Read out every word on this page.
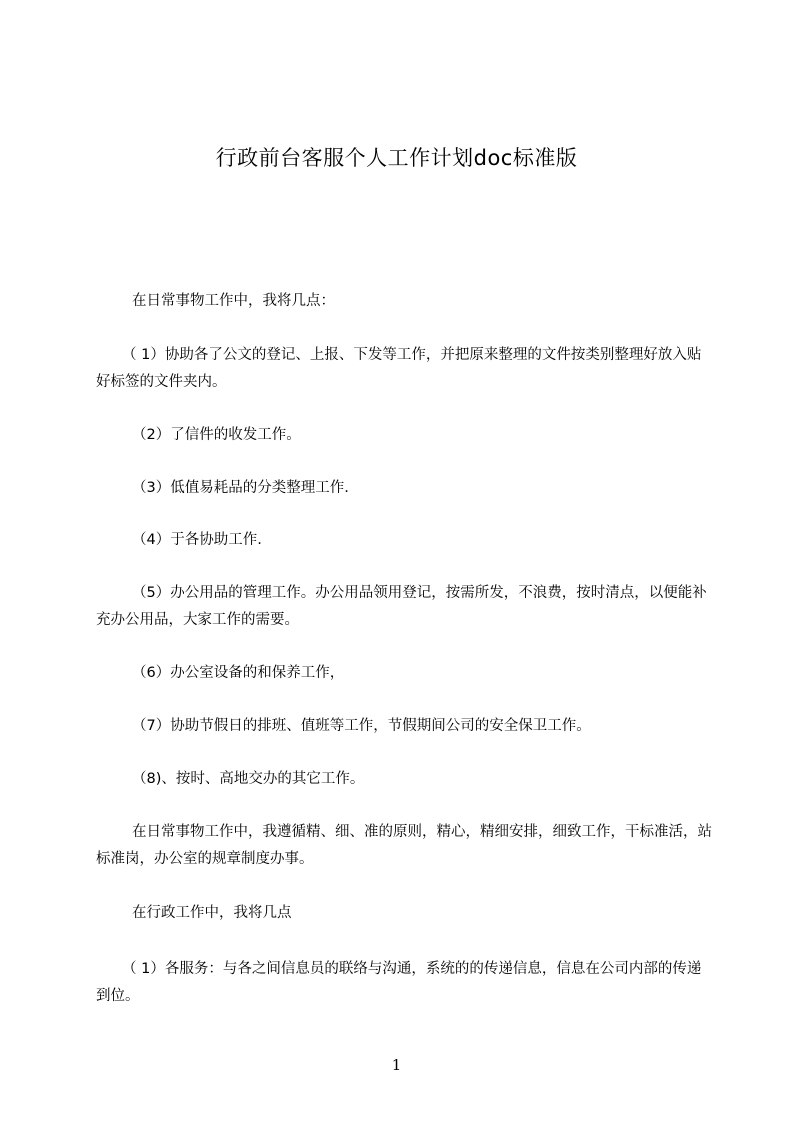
行政前台客服个人工作计划doc标准版

在日常事物工作中，我将几点：

（ 1）协助各了公文的登记、上报、下发等工作，并把原来整理的文件按类别整理好放入贴好标签的文件夹内。

（2）了信件的收发工作。

（3）低值易耗品的分类整理工作.

（4）于各协助工作.

（5）办公用品的管理工作。办公用品领用登记，按需所发，不浪费，按时清点，以便能补充办公用品，大家工作的需要。

（6）办公室设备的和保养工作，

（7）协助节假日的排班、值班等工作，节假期间公司的安全保卫工作。

（8)、按时、高地交办的其它工作。

在日常事物工作中，我遵循精、细、准的原则，精心，精细安排，细致工作，干标准活，站标准岗，办公室的规章制度办事。

在行政工作中，我将几点

（ 1）各服务：与各之间信息员的联络与沟通，系统的的传递信息，信息在公司内部的传递到位。

1
